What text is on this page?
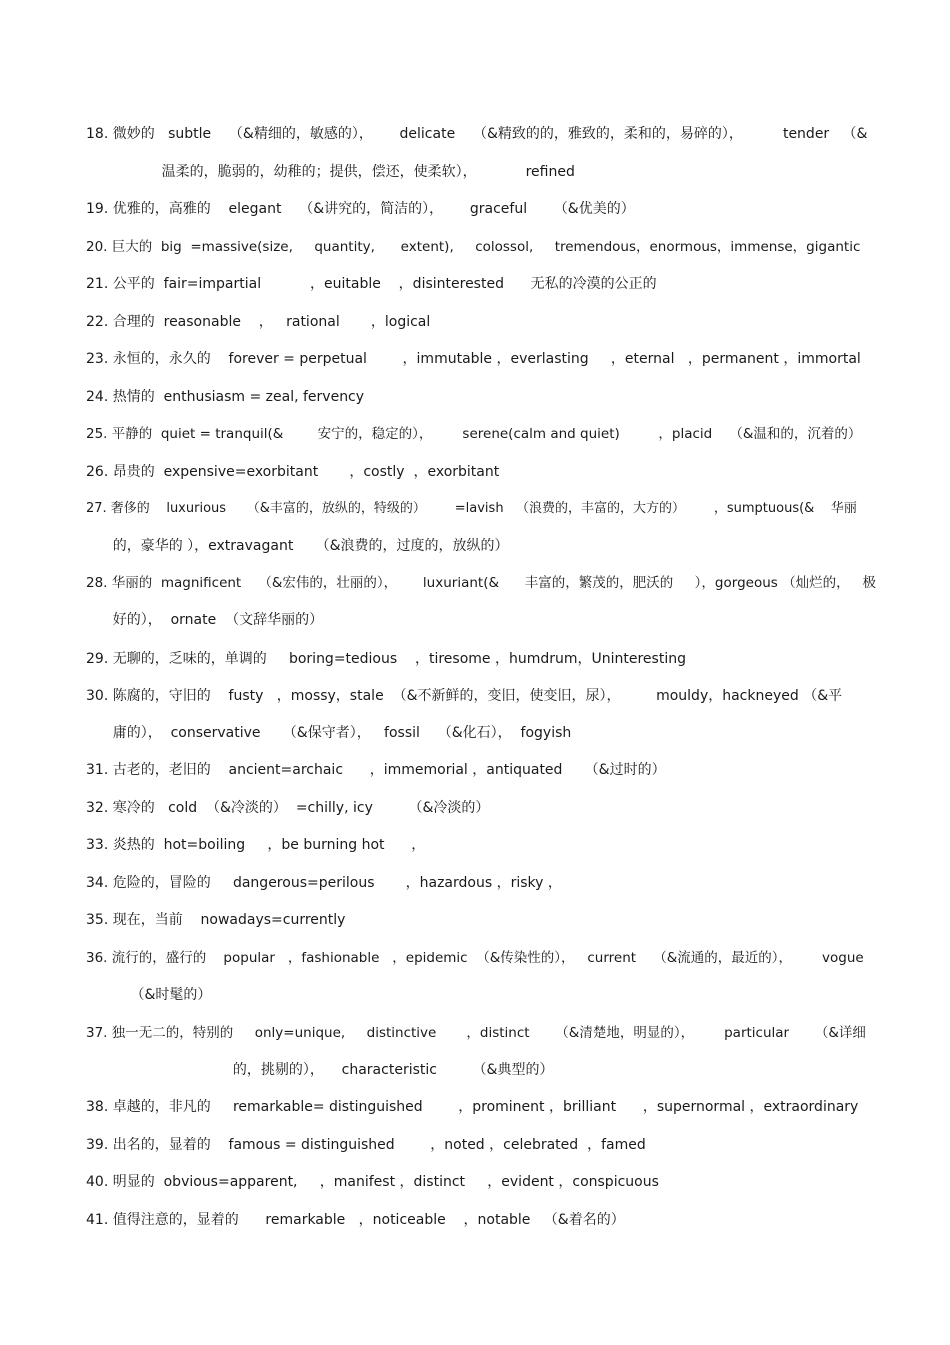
18. 微妙的   subtle    （&精细的，敏感的），      delicate    （&精致的的，雅致的，柔和的，易碎的），         tender   （&
温柔的，脆弱的，幼稚的；提供，偿还，使柔软），           refined
19. 优雅的，高雅的    elegant    （&讲究的，简洁的），      graceful      （&优美的）
20. 巨大的  big  =massive(size,     quantity,      extent),     colossol,     tremendous，enormous，immense，gigantic
21. 公平的  fair=impartial           ，euitable    ，disinterested      无私的冷漠的公正的
22. 合理的  reasonable    ，   rational       ，logical
23. 永恒的，永久的    forever = perpetual        ，immutable ，everlasting     ，eternal   ，permanent ，immortal
24. 热情的  enthusiasm = zeal, fervency
25. 平静的  quiet = tranquil(&        安宁的，稳定的），       serene(calm and quiet)         ，placid    （&温和的，沉着的）
26. 昂贵的  expensive=exorbitant       ，costly  ，exorbitant
27. 奢侈的    luxurious     （&丰富的，放纵的，特级的）       =lavish   （浪费的，丰富的，大方的）       ，sumptuous(&    华丽
的，豪华的 ），extravagant     （&浪费的，过度的，放纵的）
28. 华丽的  magnificent    （&宏伟的，壮丽的），      luxuriant(&      丰富的，繁茂的，肥沃的     ），gorgeous （灿烂的，   极
好的），  ornate  （文辞华丽的）
29. 无聊的，乏味的，单调的     boring=tedious    ，tiresome ，humdrum，Uninteresting
30. 陈腐的，守旧的    fusty   ，mossy，stale  （&不新鲜的，变旧，使变旧，尿），        mouldy，hackneyed （&平
庸的），  conservative     （&保守者），   fossil    （&化石），  fogyish
31. 古老的，老旧的    ancient=archaic      ，immemorial ，antiquated     （&过时的）
32. 寒冷的   cold  （&冷淡的）  =chilly, icy        （&冷淡的）
33. 炎热的  hot=boiling     ，be burning hot      ，
34. 危险的，冒险的     dangerous=perilous       ，hazardous ，risky ，
35. 现在，当前    nowadays=currently
36. 流行的，盛行的    popular   ，fashionable   ，epidemic  （&传染性的），   current    （&流通的，最近的），       vogue
（&时髦的）
37. 独一无二的，特别的     only=unique,     distinctive       ，distinct      （&清楚地，明显的），       particular      （&详细
的，挑剔的），    characteristic        （&典型的）
38. 卓越的，非凡的     remarkable= distinguished        ，prominent ，brilliant      ，supernormal ，extraordinary
39. 出名的，显着的    famous = distinguished        ，noted ，celebrated  ，famed
40. 明显的  obvious=apparent,     ，manifest ，distinct     ，evident ，conspicuous
41. 值得注意的，显着的      remarkable   ，noticeable    ，notable   （&着名的）
